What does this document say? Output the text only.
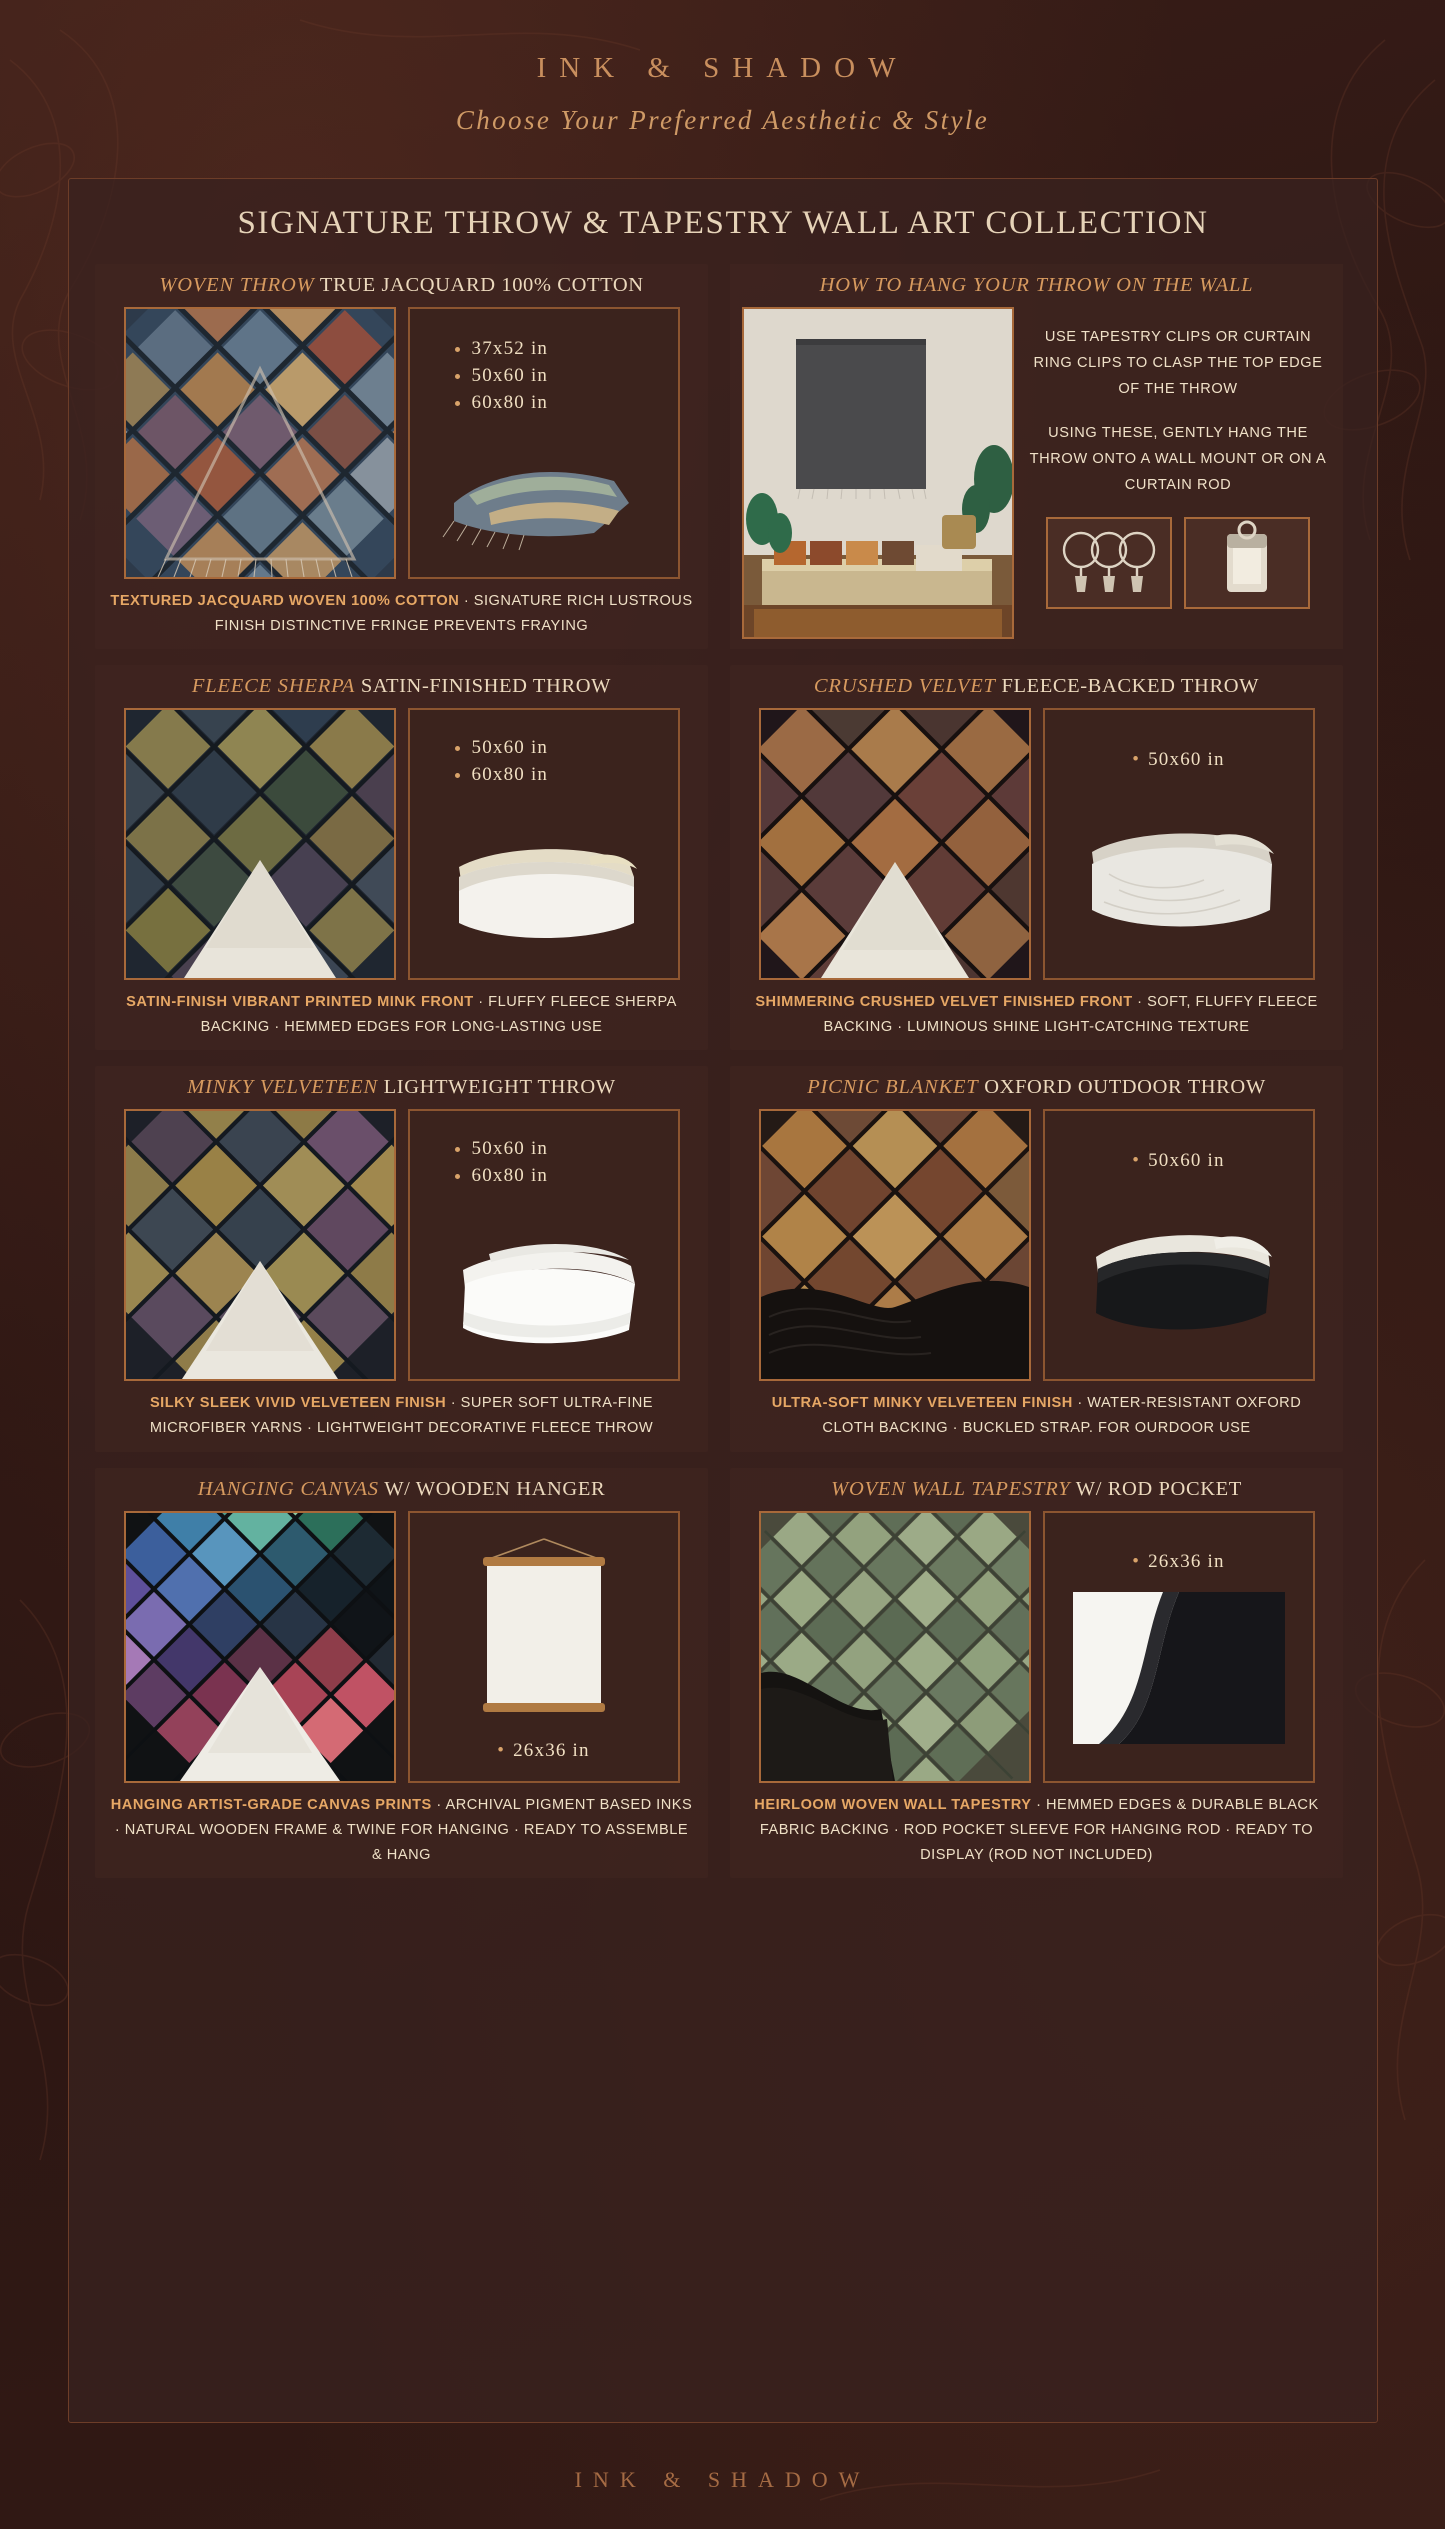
INK & SHADOW
Choose Your Preferred Aesthetic & Style
SIGNATURE THROW & TAPESTRY WALL ART COLLECTION
WOVEN THROW TRUE JACQUARD 100% COTTON
• 37x52 in
• 50x60 in
• 60x80 in
TEXTURED JACQUARD WOVEN 100% COTTON · SIGNATURE RICH LUSTROUS FINISH DISTINCTIVE FRINGE PREVENTS FRAYING
HOW TO HANG YOUR THROW ON THE WALL

USE TAPESTRY CLIPS OR CURTAIN RING CLIPS TO CLASP THE TOP EDGE OF THE THROW

USING THESE, GENTLY HANG THE THROW ONTO A WALL MOUNT OR ON A CURTAIN ROD

FLEECE SHERPA SATIN-FINISHED THROW
• 50x60 in
• 60x80 in
SATIN-FINISH VIBRANT PRINTED MINK FRONT · FLUFFY FLEECE SHERPA BACKING · HEMMED EDGES FOR LONG-LASTING USE
CRUSHED VELVET FLEECE-BACKED THROW
• 50x60 in
SHIMMERING CRUSHED VELVET FINISHED FRONT · SOFT, FLUFFY FLEECE BACKING · LUMINOUS SHINE LIGHT-CATCHING TEXTURE
MINKY VELVETEEN LIGHTWEIGHT THROW
• 50x60 in
• 60x80 in
SILKY SLEEK VIVID VELVETEEN FINISH · SUPER SOFT ULTRA-FINE MICROFIBER YARNS · LIGHTWEIGHT DECORATIVE FLEECE THROW
PICNIC BLANKET OXFORD OUTDOOR THROW
• 50x60 in
ULTRA-SOFT MINKY VELVETEEN FINISH · WATER-RESISTANT OXFORD CLOTH BACKING · BUCKLED STRAP. FOR OURDOOR USE
HANGING CANVAS W/ WOODEN HANGER
• 26x36 in
HANGING ARTIST-GRADE CANVAS PRINTS · ARCHIVAL PIGMENT BASED INKS · NATURAL WOODEN FRAME & TWINE FOR HANGING · READY TO ASSEMBLE & HANG
WOVEN WALL TAPESTRY W/ ROD POCKET
• 26x36 in
HEIRLOOM WOVEN WALL TAPESTRY · HEMMED EDGES & DURABLE BLACK FABRIC BACKING · ROD POCKET SLEEVE FOR HANGING ROD · READY TO DISPLAY (ROD NOT INCLUDED)
INK & SHADOW
